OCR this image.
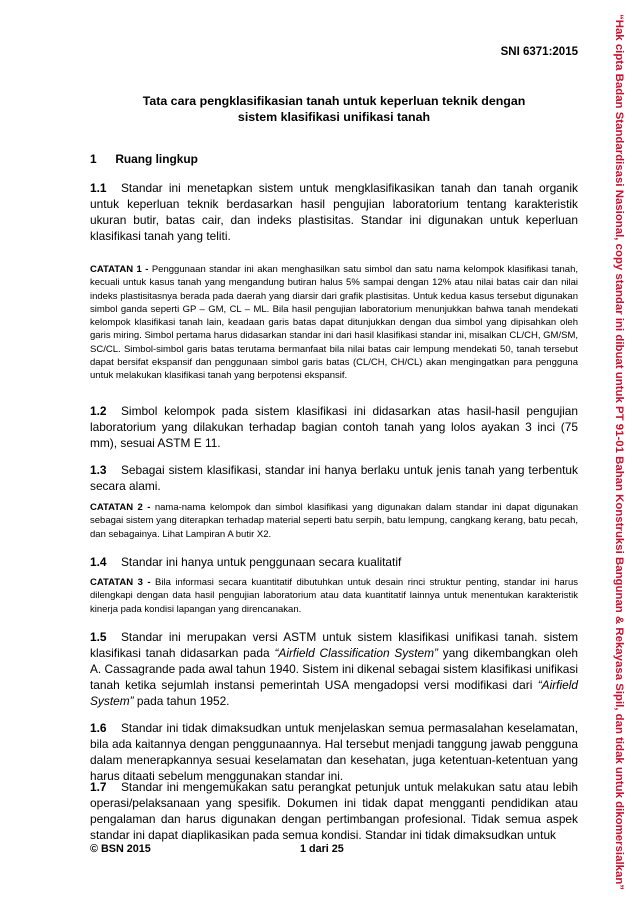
SNI 6371:2015
Tata cara pengklasifikasian tanah untuk keperluan teknik dengan
sistem klasifikasi unifikasi tanah
1 Ruang lingkup
1.1 Standar ini menetapkan sistem untuk mengklasifikasikan tanah dan tanah organik untuk keperluan teknik berdasarkan hasil pengujian laboratorium tentang karakteristik ukuran butir, batas cair, dan indeks plastisitas. Standar ini digunakan untuk keperluan klasifikasi tanah yang teliti.
CATATAN 1 - Penggunaan standar ini akan menghasilkan satu simbol dan satu nama kelompok klasifikasi tanah, kecuali untuk kasus tanah yang mengandung butiran halus 5% sampai dengan 12% atau nilai batas cair dan nilai indeks plastisitasnya berada pada daerah yang diarsir dari grafik plastisitas. Untuk kedua kasus tersebut digunakan simbol ganda seperti GP – GM, CL – ML. Bila hasil pengujian laboratorium menunjukkan bahwa tanah mendekati kelompok klasifikasi tanah lain, keadaan garis batas dapat ditunjukkan dengan dua simbol yang dipisahkan oleh garis miring. Simbol pertama harus didasarkan standar ini dari hasil klasifikasi standar ini, misalkan CL/CH, GM/SM, SC/CL. Simbol-simbol garis batas terutama bermanfaat bila nilai batas cair lempung mendekati 50, tanah tersebut dapat bersifat ekspansif dan penggunaan simbol garis batas (CL/CH, CH/CL) akan mengingatkan para pengguna untuk melakukan klasifikasi tanah yang berpotensi ekspansif.
1.2 Simbol kelompok pada sistem klasifikasi ini didasarkan atas hasil-hasil pengujian laboratorium yang dilakukan terhadap bagian contoh tanah yang lolos ayakan 3 inci (75 mm), sesuai ASTM E 11.
1.3 Sebagai sistem klasifikasi, standar ini hanya berlaku untuk jenis tanah yang terbentuk secara alami.
CATATAN 2 - nama-nama kelompok dan simbol klasifikasi yang digunakan dalam standar ini dapat digunakan sebagai sistem yang diterapkan terhadap material seperti batu serpih, batu lempung, cangkang kerang, batu pecah, dan sebagainya. Lihat Lampiran A butir X2.
1.4 Standar ini hanya untuk penggunaan secara kualitatif
CATATAN 3 - Bila informasi secara kuantitatif dibutuhkan untuk desain rinci struktur penting, standar ini harus dilengkapi dengan data hasil pengujian laboratorium atau data kuantitatif lainnya untuk menentukan karakteristik kinerja pada kondisi lapangan yang direncanakan.
1.5 Standar ini merupakan versi ASTM untuk sistem klasifikasi unifikasi tanah. sistem klasifikasi tanah didasarkan pada “Airfield Classification System” yang dikembangkan oleh A. Cassagrande pada awal tahun 1940. Sistem ini dikenal sebagai sistem klasifikasi unifikasi tanah ketika sejumlah instansi pemerintah USA mengadopsi versi modifikasi dari “Airfield System” pada tahun 1952.
1.6 Standar ini tidak dimaksudkan untuk menjelaskan semua permasalahan keselamatan, bila ada kaitannya dengan penggunaannya. Hal tersebut menjadi tanggung jawab pengguna dalam menerapkannya sesuai keselamatan dan kesehatan, juga ketentuan-ketentuan yang harus ditaati sebelum menggunakan standar ini.
1.7 Standar ini mengemukakan satu perangkat petunjuk untuk melakukan satu atau lebih operasi/pelaksanaan yang spesifik. Dokumen ini tidak dapat mengganti pendidikan atau pengalaman dan harus digunakan dengan pertimbangan profesional. Tidak semua aspek standar ini dapat diaplikasikan pada semua kondisi. Standar ini tidak dimaksudkan untuk
© BSN 2015	1 dari 25
“Hak cipta Badan Standardisasi Nasional, copy standar ini dibuat untuk PT 91-01 Bahan Konstruksi Bangunan & Rekayasa Sipil, dan tidak untuk dikomersialkan”
